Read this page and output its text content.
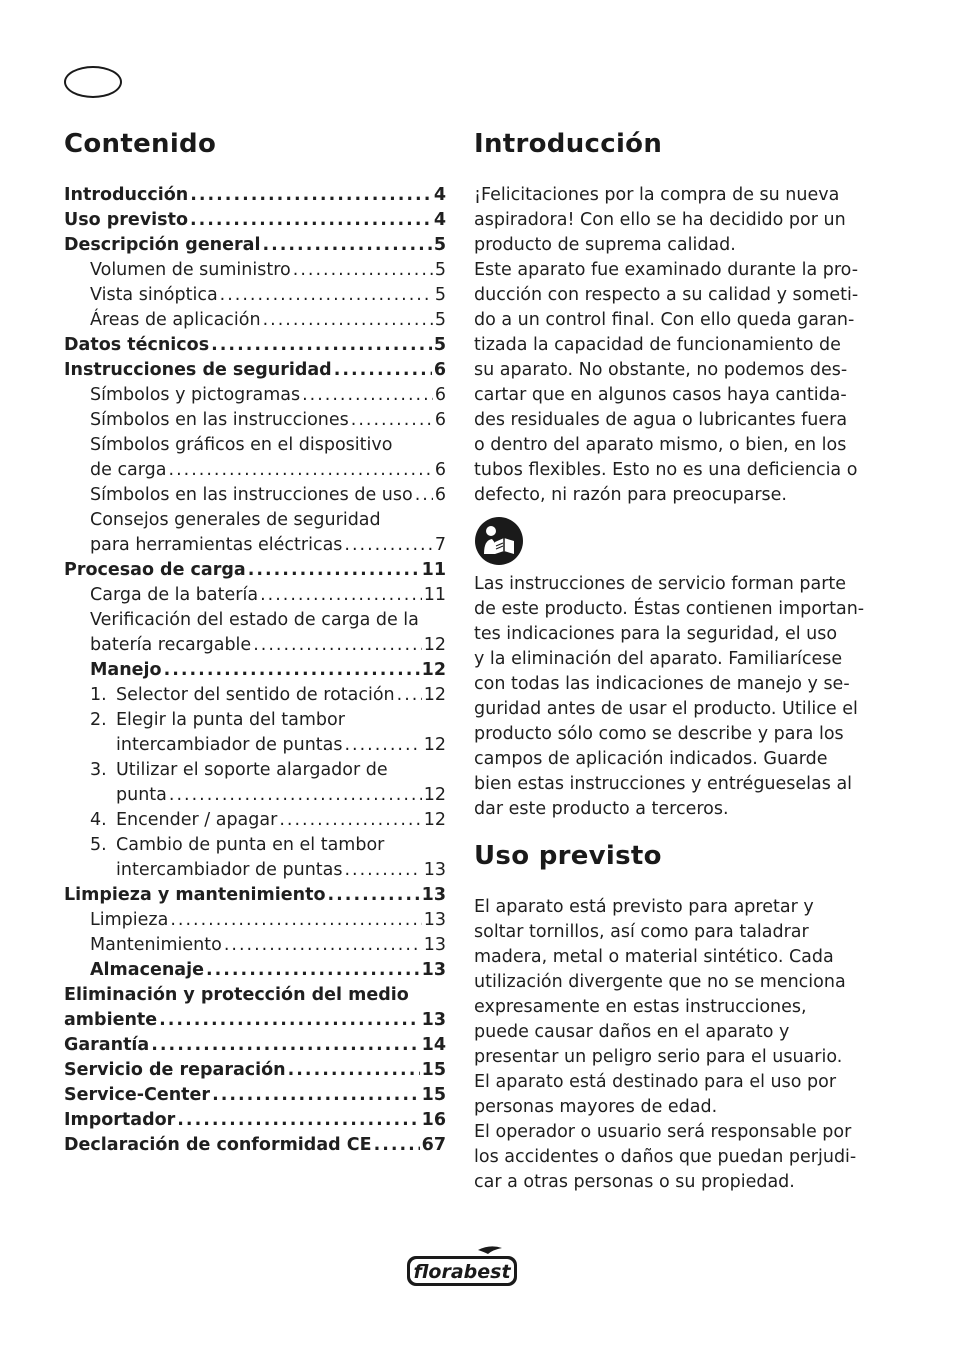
Contenido
Introducción .....	4
Uso previsto .....	4
Descripción general .....	5
Volumen de suministro .....	5
Vista sinóptica .....	5
Áreas de aplicación .....	5
Datos técnicos .....	5
Instrucciones de seguridad .....	6
Símbolos y pictogramas .....	6
Símbolos en las instrucciones .....	6
Símbolos gráficos en el dispositivo
de carga .....	6
Símbolos en las instrucciones de uso ..... 6
Consejos generales de seguridad
para herramientas eléctricas .....	7
Procesao de carga .....	11
Carga de la batería .....	11
Verificación del estado de carga de la
batería recargable .....	12
Manejo .....	12
1. Selector del sentido de rotación ..... 12
2. Elegir la punta del tambor
intercambiador de puntas .....	12
3. Utilizar el soporte alargador de
punta .....	12
4. Encender / apagar .....	12
5. Cambio de punta en el tambor
intercambiador de puntas .....	13
Limpieza y mantenimiento .....	13
Limpieza .....	13
Mantenimiento .....	13
Almacenaje .....	13
Eliminación y protección del medio
ambiente .....	13
Garantía .....	14
Servicio de reparación .....	15
Service-Center .....	15
Importador .....	16
Declaración de conformidad CE .....	67
Introducción
¡Felicitaciones por la compra de su nueva
aspiradora! Con ello se ha decidido por un
producto de suprema calidad.
Este aparato fue examinado durante la pro-
ducción con respecto a su calidad y someti-
do a un control final. Con ello queda garan-
tizada la capacidad de funcionamiento de
su aparato. No obstante, no podemos des-
cartar que en algunos casos haya cantida-
des residuales de agua o lubricantes fuera
o dentro del aparato mismo, o bien, en los
tubos flexibles. Esto no es una deficiencia o
defecto, ni razón para preocuparse.
Las instrucciones de servicio forman parte
de este producto. Éstas contienen importan-
tes indicaciones para la seguridad, el uso
y la eliminación del aparato. Familiarícese
con todas las indicaciones de manejo y se-
guridad antes de usar el producto. Utilice el
producto sólo como se describe y para los
campos de aplicación indicados. Guarde
bien estas instrucciones y entrégueselas al
dar este producto a terceros.
Uso previsto
El aparato está previsto para apretar y
soltar tornillos, así como para taladrar
madera, metal o material sintético. Cada
utilización divergente que no se menciona
expresamente en estas instrucciones,
puede causar daños en el aparato y
presentar un peligro serio para el usuario.
El aparato está destinado para el uso por
personas mayores de edad.
El operador o usuario será responsable por
los accidentes o daños que puedan perjudi-
car a otras personas o su propiedad.
florabest
